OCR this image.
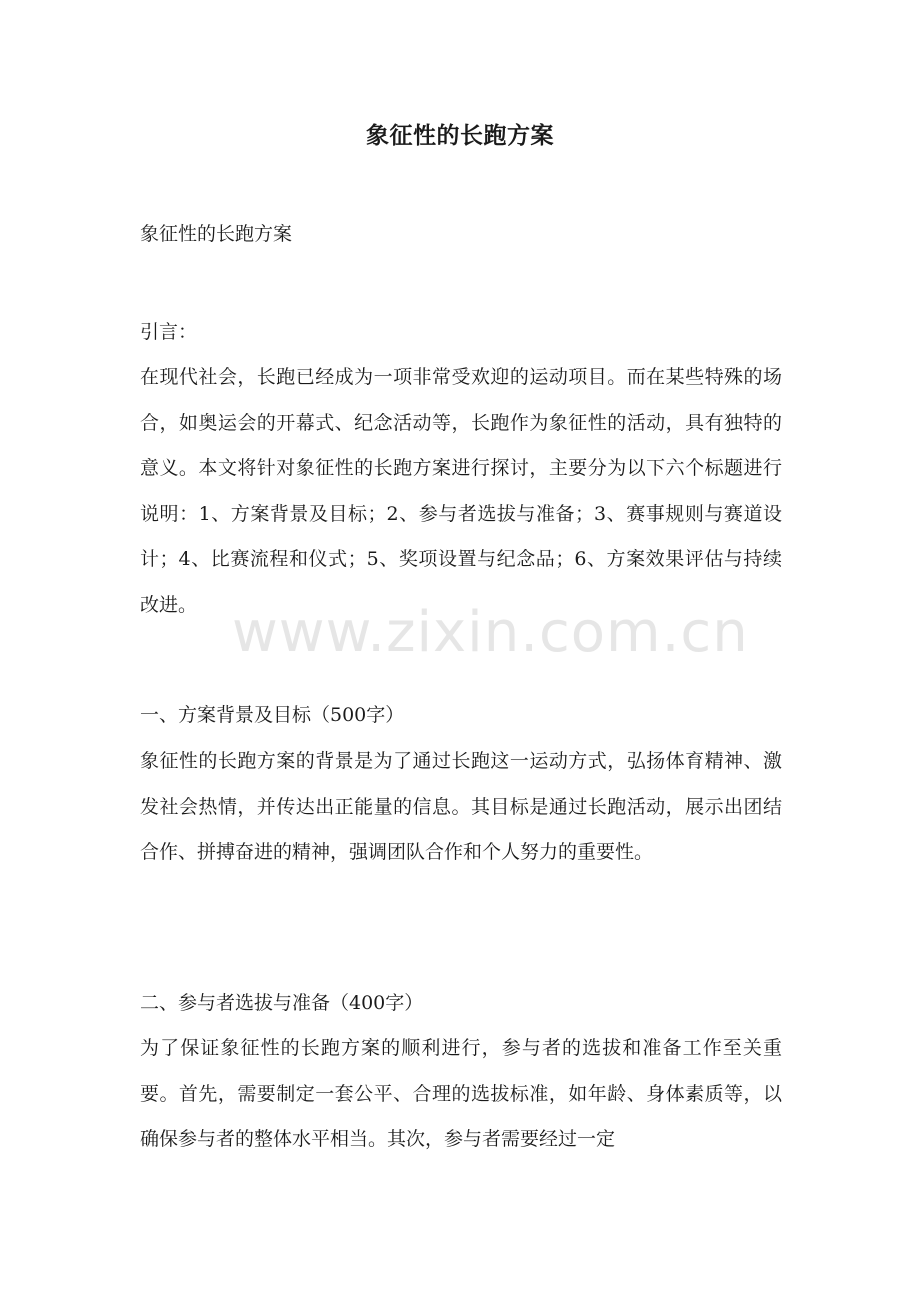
象征性的长跑方案
象征性的长跑方案
引言：
在现代社会，长跑已经成为一项非常受欢迎的运动项目。而在某些特殊的场合，如奥运会的开幕式、纪念活动等，长跑作为象征性的活动，具有独特的意义。本文将针对象征性的长跑方案进行探讨，主要分为以下六个标题进行说明：1、方案背景及目标；2、参与者选拔与准备；3、赛事规则与赛道设计；4、比赛流程和仪式；5、奖项设置与纪念品；6、方案效果评估与持续改进。
一、方案背景及目标（500字）
象征性的长跑方案的背景是为了通过长跑这一运动方式，弘扬体育精神、激发社会热情，并传达出正能量的信息。其目标是通过长跑活动，展示出团结合作、拼搏奋进的精神，强调团队合作和个人努力的重要性。
二、参与者选拔与准备（400字）
为了保证象征性的长跑方案的顺利进行，参与者的选拔和准备工作至关重要。首先，需要制定一套公平、合理的选拔标准，如年龄、身体素质等，以确保参与者的整体水平相当。其次，参与者需要经过一定
www.zixin.com.cn
